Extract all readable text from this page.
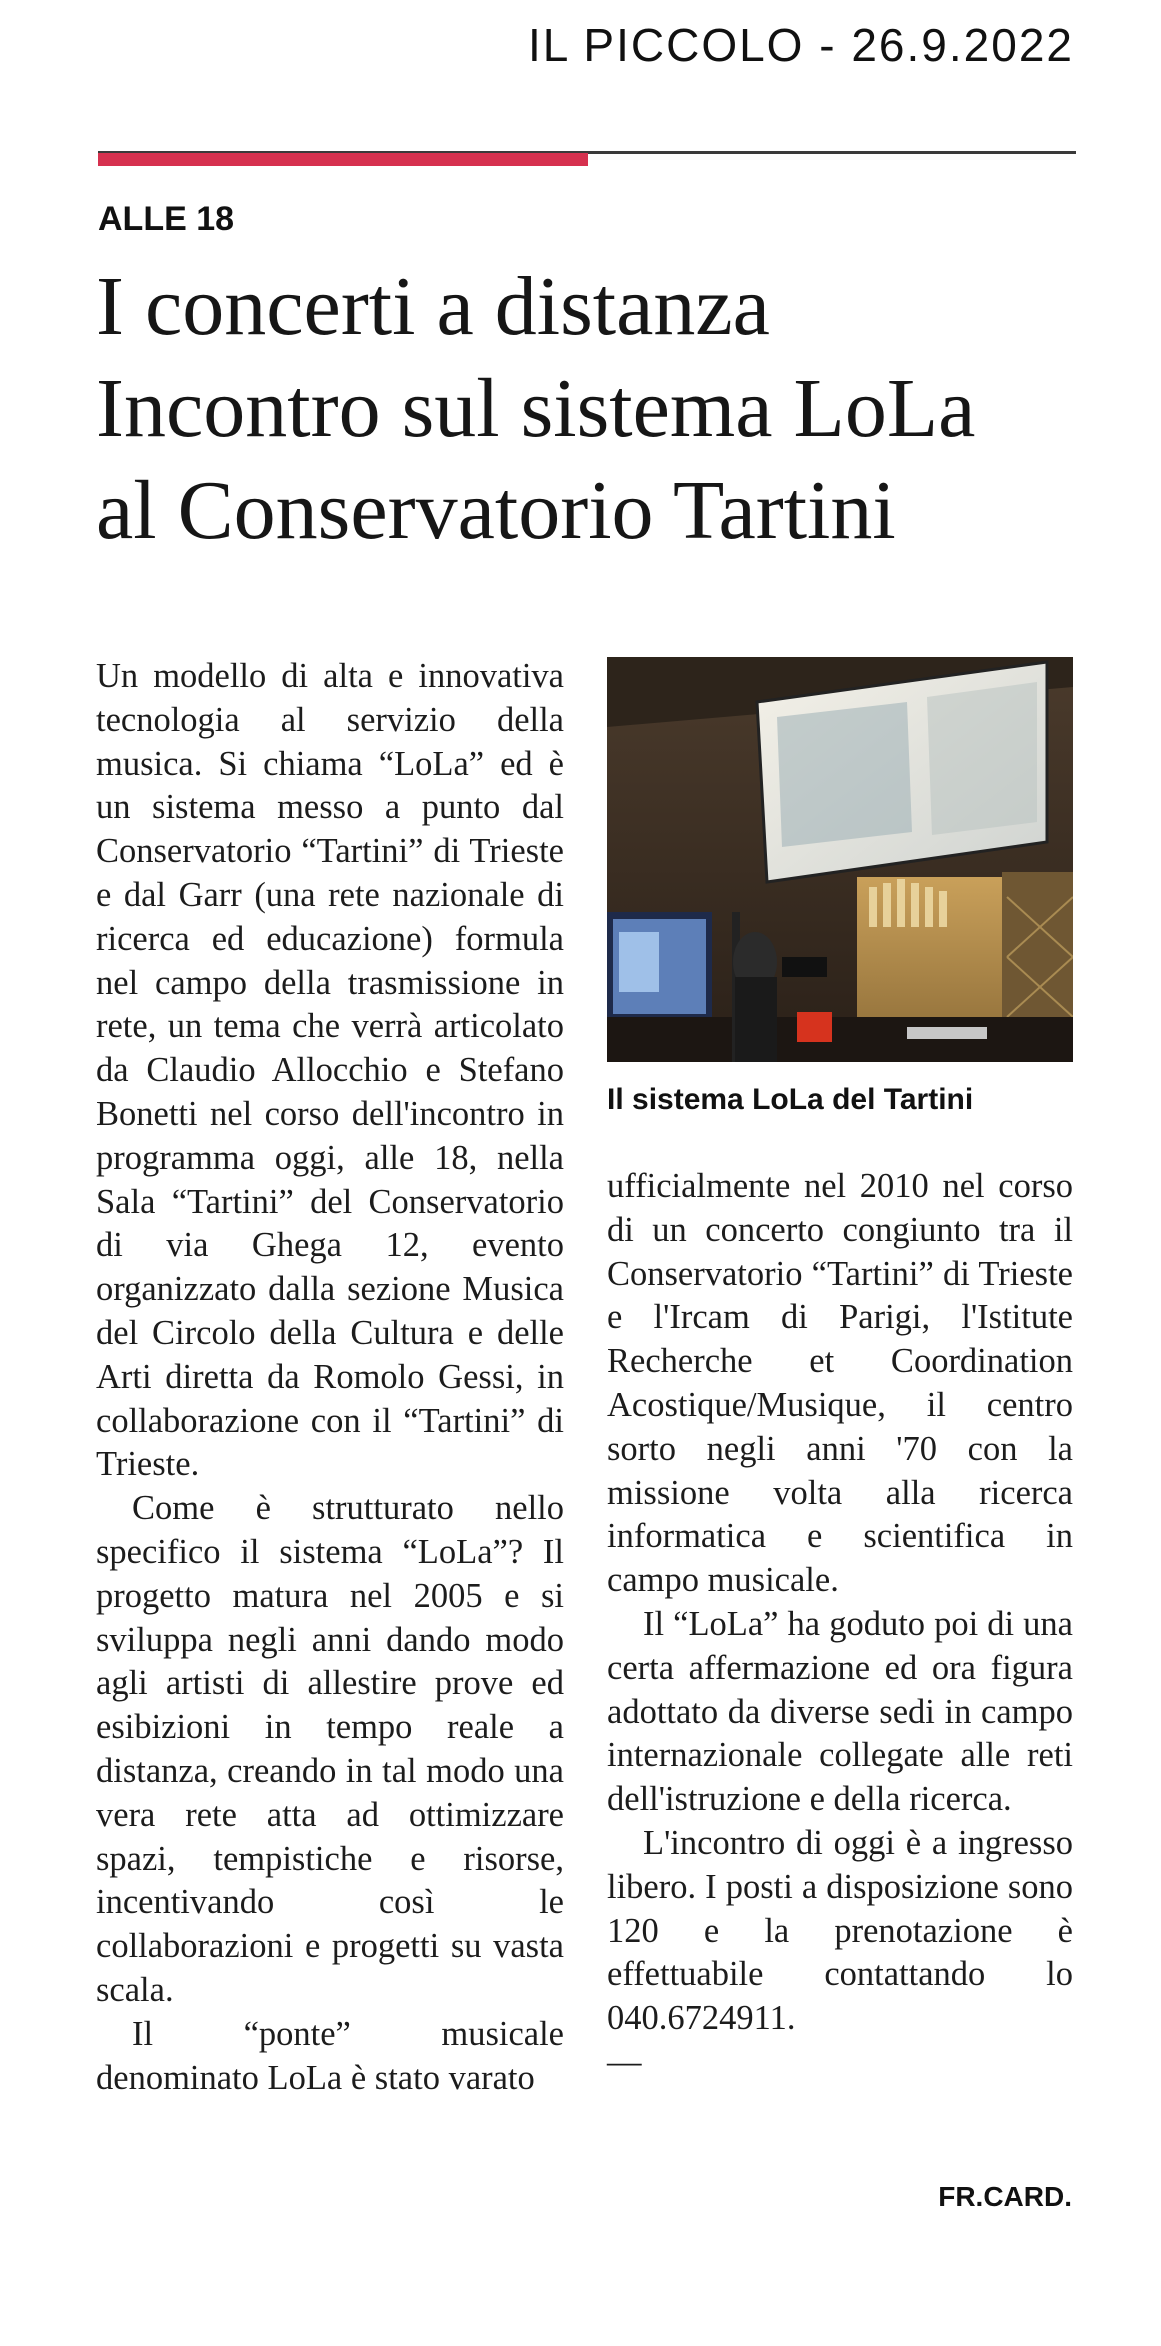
IL PICCOLO - 26.9.2022
ALLE 18
I concerti a distanza
Incontro sul sistema LoLa
al Conservatorio Tartini

Un modello di alta e innovativa tecnologia al servizio della musica. Si chiama “LoLa” ed è un sistema messo a punto dal Conservatorio “Tartini” di Trieste e dal Garr (una rete nazionale di ricerca ed educazione) formula nel campo della trasmissione in rete, un tema che verrà articolato da Claudio Allocchio e Stefano Bonetti nel corso dell'incontro in programma oggi, alle 18, nella Sala “Tartini” del Conservatorio di via Ghega 12, evento organizzato dalla sezione Musica del Circolo della Cultura e delle Arti diretta da Romolo Gessi, in collaborazione con il “Tartini” di Trieste.

Come è strutturato nello specifico il sistema “LoLa”? Il progetto matura nel 2005 e si sviluppa negli anni dando modo agli artisti di allestire prove ed esibizioni in tempo reale a distanza, creando in tal modo una vera rete atta ad ottimizzare spazi, tempistiche e risorse, incentivando così le collaborazioni e progetti su vasta scala.

Il “ponte” musicale denominato LoLa è stato varato

Il sistema LoLa del Tartini

ufficialmente nel 2010 nel corso di un concerto congiunto tra il Conservatorio “Tartini” di Trieste e l'Ircam di Parigi, l'Istitute Recherche et Coordination Acostique/Musique, il centro sorto negli anni '70 con la missione volta alla ricerca informatica e scientifica in campo musicale.

Il “LoLa” ha goduto poi di una certa affermazione ed ora figura adottato da diverse sedi in campo internazionale collegate alle reti dell'istruzione e della ricerca.

L'incontro di oggi è a ingresso libero. I posti a disposizione sono 120 e la prenotazione è effettuabile contattando lo 040.6724911.

—

FR.CARD.
